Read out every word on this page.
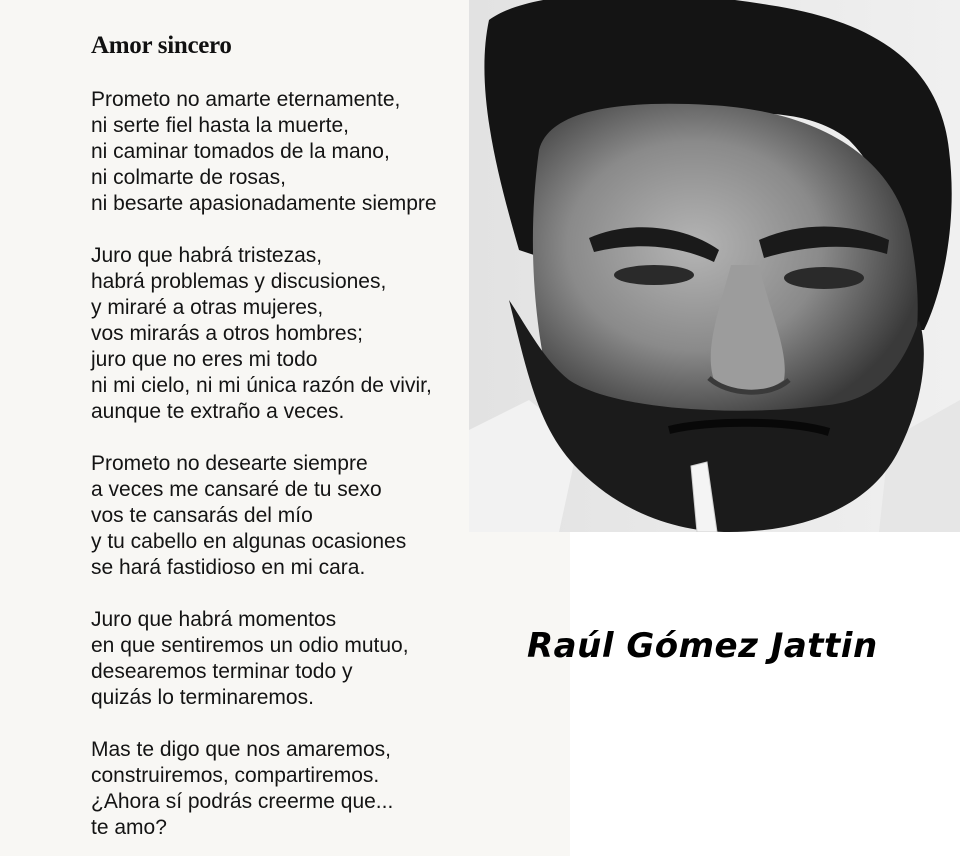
Amor sincero

Prometo no amarte eternamente,
ni serte fiel hasta la muerte,
ni caminar tomados de la mano,
ni colmarte de rosas,
ni besarte apasionadamente siempre

Juro que habrá tristezas,
habrá problemas y discusiones,
y miraré a otras mujeres,
vos mirarás a otros hombres;
juro que no eres mi todo
ni mi cielo, ni mi única razón de vivir,
aunque te extraño a veces.

Prometo no desearte siempre
a veces me cansaré de tu sexo
vos te cansarás del mío
y tu cabello en algunas ocasiones
se hará fastidioso en mi cara.

Juro que habrá momentos
en que sentiremos un odio mutuo,
desearemos terminar todo y
quizás lo terminaremos.

Mas te digo que nos amaremos,
construiremos, compartiremos.
¿Ahora sí podrás creerme que...
te amo?

Raúl Gómez Jattin
